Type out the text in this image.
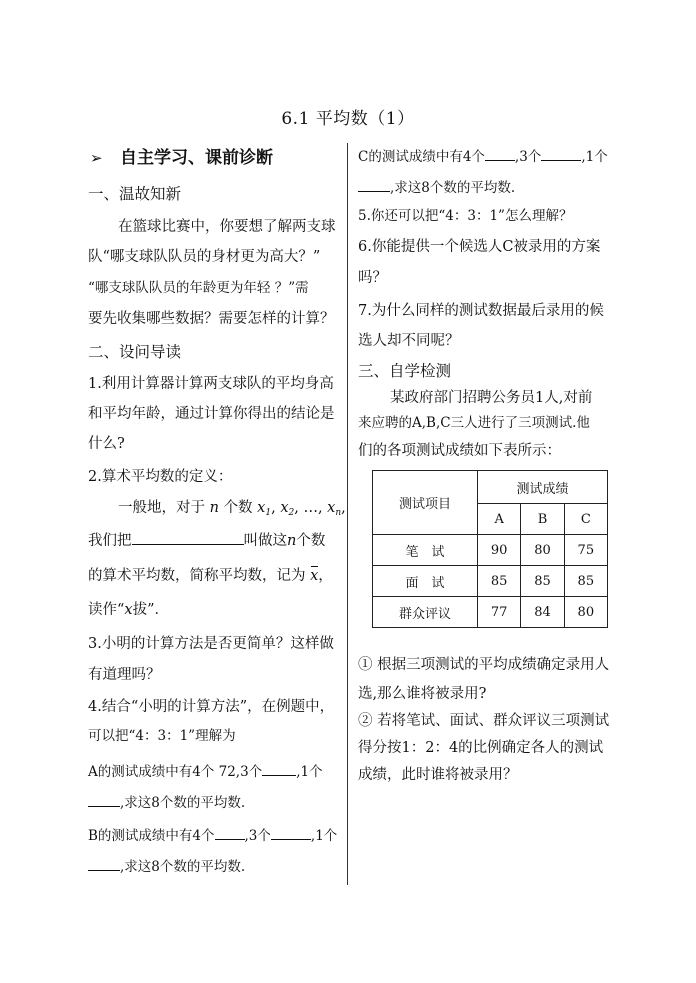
6.1 平均数（1）
➢ 自主学习、课前诊断
一、温故知新
在篮球比赛中，你要想了解两支球
队“哪支球队队员的身材更为高大？”
“哪支球队队员的年龄更为年轻 ？”需
要先收集哪些数据？需要怎样的计算？
二、设问导读
1.利用计算器计算两支球队的平均身高
和平均年龄，通过计算你得出的结论是
什么?
2.算术平均数的定义：
一般地，对于 n 个数 $x_1$, $x_2$, …, $x_n$,
我们把	叫做这n个数
的算术平均数，简称平均数，记为 x，
读作“x拔”．
3.小明的计算方法是否更简单？这样做
有道理吗？
4.结合“小明的计算方法”，在例题中，
可以把“4：3：1”理解为
A的测试成绩中有4个 72,3个	,1个
,求这8个数的平均数.
B的测试成绩中有4个 ,3个	,1个
,求这8个数的平均数.
C的测试成绩中有4个 ,3个	,1个
,求这8个数的平均数.
5.你还可以把“4：3：1”怎么理解？
6.你能提供一个候选人C被录用的方案
吗？
7.为什么同样的测试数据最后录用的候
选人却不同呢？
三、自学检测
某政府部门招聘公务员1人,对前
来应聘的A,B,C三人进行了三项测试.他
们的各项测试成绩如下表所示：
① 根据三项测试的平均成绩确定录用人
选,那么谁将被录用?
② 若将笔试、面试、群众评议三项测试
得分按1：2：4的比例确定各人的测试
成绩，此时谁将被录用？
测试项目	测试成绩		
	A	B	C
笔　试	90	80	75
面　试	85	85	85
群众评议	77	84	80
